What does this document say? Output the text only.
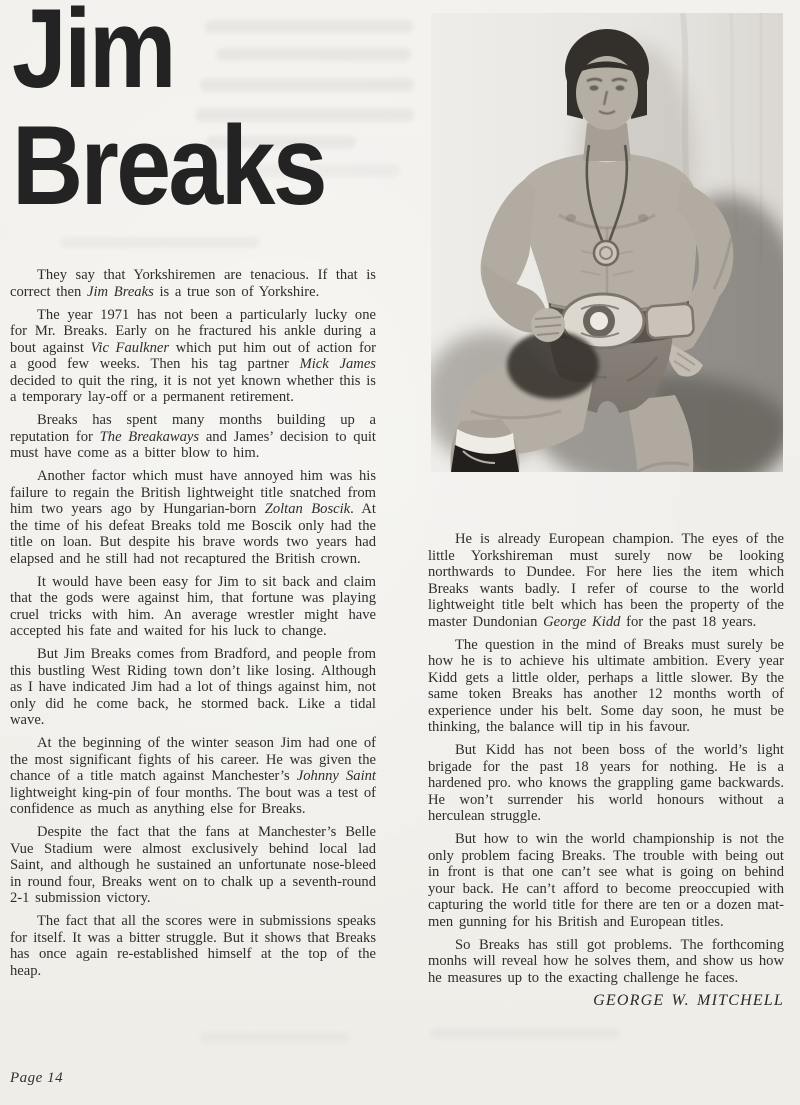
Jim
Breaks

They say that Yorkshiremen are tenacious. If that is correct then Jim Breaks is a true son of Yorkshire.

The year 1971 has not been a particularly lucky one for Mr. Breaks. Early on he fractured his ankle during a bout against Vic Faulkner which put him out of action for a good few weeks. Then his tag partner Mick James decided to quit the ring, it is not yet known whether this is a temporary lay-off or a permanent retirement.

Breaks has spent many months building up a reputation for The Breakaways and James’ decision to quit must have come as a bitter blow to him.

Another factor which must have annoyed him was his failure to regain the British lightweight title snatched from him two years ago by Hungarian-born Zoltan Boscik. At the time of his defeat Breaks told me Boscik only had the title on loan. But despite his brave words two years had elapsed and he still had not recaptured the British crown.

It would have been easy for Jim to sit back and claim that the gods were against him, that fortune was playing cruel tricks with him. An average wrestler might have accepted his fate and waited for his luck to change.

But Jim Breaks comes from Bradford, and people from this bustling West Riding town don’t like losing. Although as I have indicated Jim had a lot of things against him, not only did he come back, he stormed back. Like a tidal wave.

At the beginning of the winter season Jim had one of the most significant fights of his career. He was given the chance of a title match against Manchester’s Johnny Saint lightweight king-pin of four months. The bout was a test of confidence as much as anything else for Breaks.

Despite the fact that the fans at Manchester’s Belle Vue Stadium were almost exclusively behind local lad Saint, and although he sustained an unfortunate nose-bleed in round four, Breaks went on to chalk up a seventh-round 2-1 submission victory.

The fact that all the scores were in submissions speaks for itself. It was a bitter struggle. But it shows that Breaks has once again re-established himself at the top of the heap.

He is already European champion. The eyes of the little Yorkshireman must surely now be looking northwards to Dundee. For here lies the item which Breaks wants badly. I refer of course to the world lightweight title belt which has been the property of the master Dundonian George Kidd for the past 18 years.

The question in the mind of Breaks must surely be how he is to achieve his ultimate ambition. Every year Kidd gets a little older, perhaps a little slower. By the same token Breaks has another 12 months worth of experience under his belt. Some day soon, he must be thinking, the balance will tip in his favour.

But Kidd has not been boss of the world’s light brigade for the past 18 years for nothing. He is a hardened pro. who knows the grappling game backwards. He won’t surrender his world honours without a herculean struggle.

But how to win the world championship is not the only problem facing Breaks. The trouble with being out in front is that one can’t see what is going on behind your back. He can’t afford to become preoccupied with capturing the world title for there are ten or a dozen mat-men gunning for his British and European titles.

So Breaks has still got problems. The forthcoming monhs will reveal how he solves them, and show us how he measures up to the exacting challenge he faces.

GEORGE W. MITCHELL

Page 14
